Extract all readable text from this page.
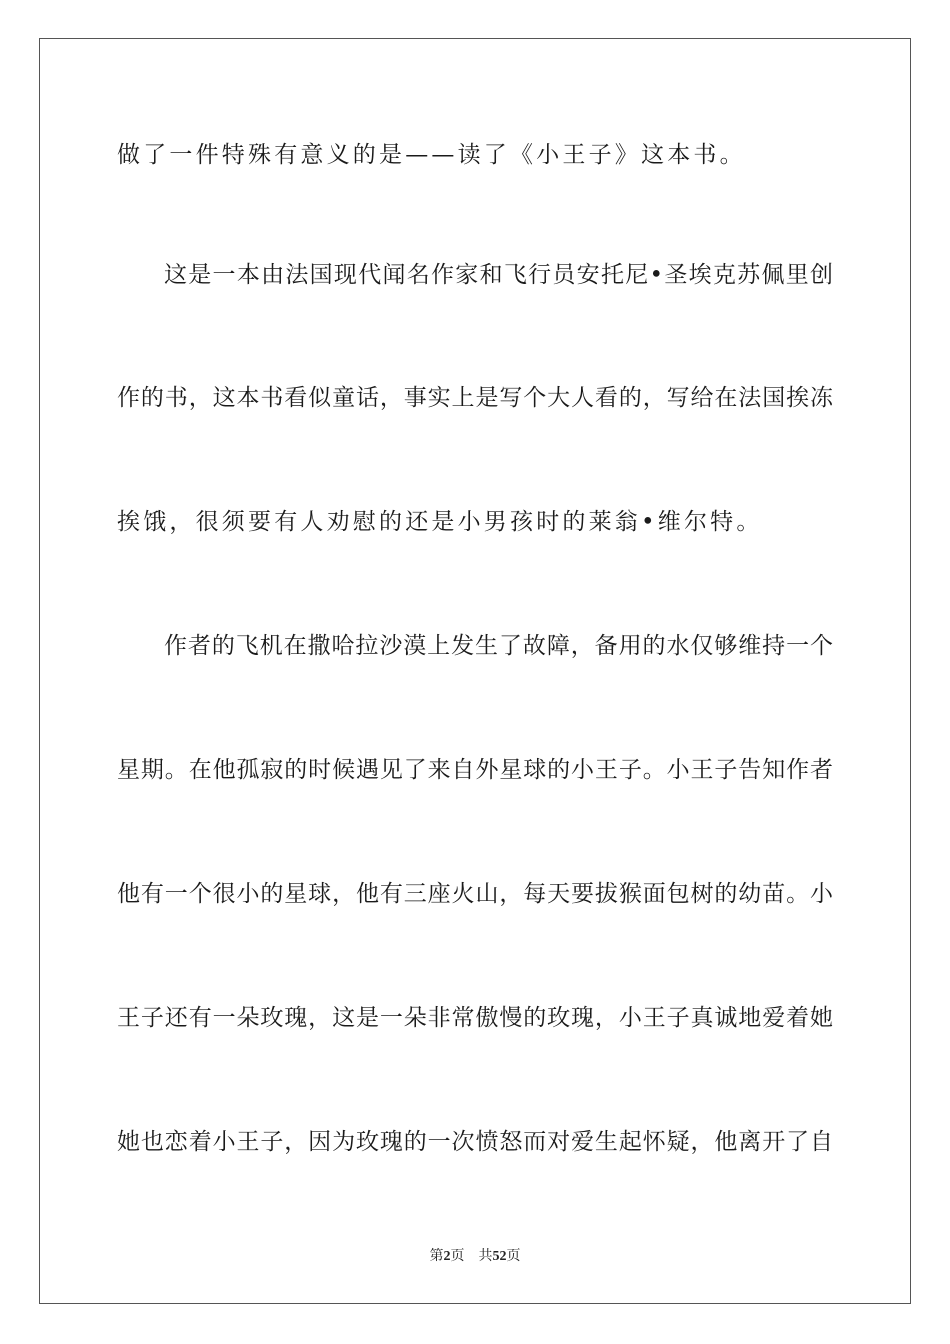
做了一件特殊有意义的是——读了《小王子》这本书。
这是一本由法国现代闻名作家和飞行员安托尼•圣埃克苏佩里创
作的书，这本书看似童话，事实上是写个大人看的，写给在法国挨冻
挨饿，很须要有人劝慰的还是小男孩时的莱翁•维尔特。
作者的飞机在撒哈拉沙漠上发生了故障，备用的水仅够维持一个
星期。在他孤寂的时候遇见了来自外星球的小王子。小王子告知作者
他有一个很小的星球，他有三座火山，每天要拔猴面包树的幼苗。小
王子还有一朵玫瑰，这是一朵非常傲慢的玫瑰，小王子真诚地爱着她
她也恋着小王子，因为玫瑰的一次愤怒而对爱生起怀疑，他离开了自
第2页 共52页
